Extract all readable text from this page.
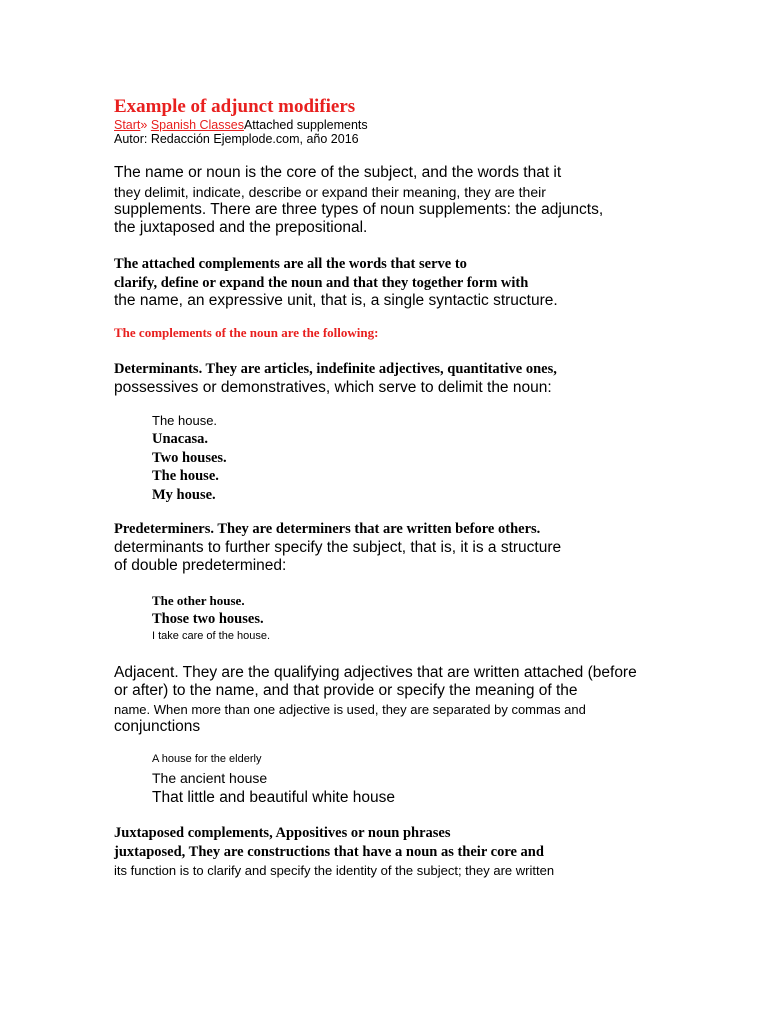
Example of adjunct modifiers
Start» Spanish ClassesAttached supplements
Autor: Redacción Ejemplode.com, año 2016
The name or noun is the core of the subject, and the words that it
they delimit, indicate, describe or expand their meaning, they are their
supplements. There are three types of noun supplements: the adjuncts,
the juxtaposed and the prepositional.
The attached complements are all the words that serve to
clarify, define or expand the noun and that they together form with
the name, an expressive unit, that is, a single syntactic structure.
The complements of the noun are the following:
Determinants. They are articles, indefinite adjectives, quantitative ones,
possessives or demonstratives, which serve to delimit the noun:
The house.
Unacasa.
Two houses.
The house.
My house.
Predeterminers. They are determiners that are written before others.
determinants to further specify the subject, that is, it is a structure
of double predetermined:
The other house.
Those two houses.
I take care of the house.
Adjacent. They are the qualifying adjectives that are written attached (before
or after) to the name, and that provide or specify the meaning of the
name. When more than one adjective is used, they are separated by commas and
conjunctions
A house for the elderly
The ancient house
That little and beautiful white house
Juxtaposed complements, Appositives or noun phrases
juxtaposed, They are constructions that have a noun as their core and
its function is to clarify and specify the identity of the subject; they are written
